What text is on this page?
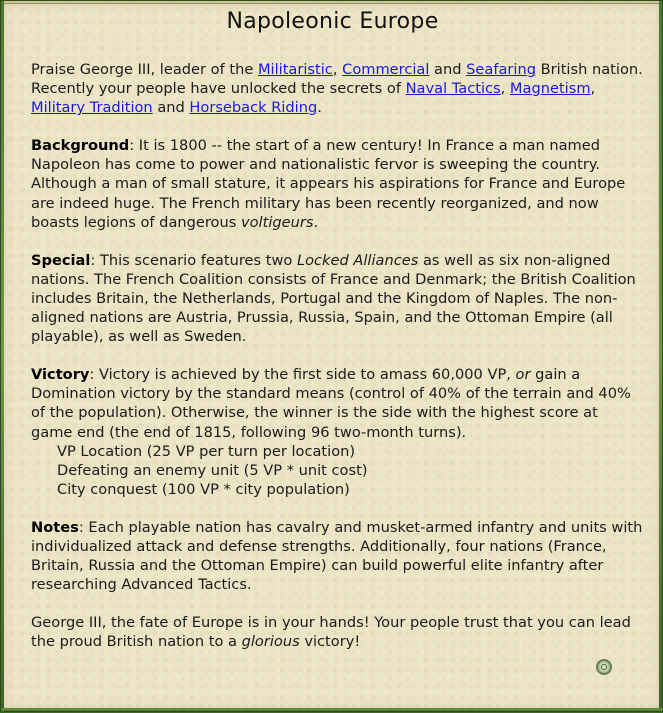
Napoleonic Europe

Praise George III, leader of the Militaristic, Commercial and Seafaring British nation. Recently your people have unlocked the secrets of Naval Tactics, Magnetism, Military Tradition and Horseback Riding.

Background: It is 1800 -- the start of a new century! In France a man named Napoleon has come to power and nationalistic fervor is sweeping the country. Although a man of small stature, it appears his aspirations for France and Europe are indeed huge. The French military has been recently reorganized, and now boasts legions of dangerous voltigeurs.

Special: This scenario features two Locked Alliances as well as six non-aligned nations. The French Coalition consists of France and Denmark; the British Coalition includes Britain, the Netherlands, Portugal and the Kingdom of Naples. The non-aligned nations are Austria, Prussia, Russia, Spain, and the Ottoman Empire (all playable), as well as Sweden.

Victory: Victory is achieved by the first side to amass 60,000 VP, or gain a Domination victory by the standard means (control of 40% of the terrain and 40% of the population). Otherwise, the winner is the side with the highest score at game end (the end of 1815, following 96 two-month turns).
VP Location (25 VP per turn per location)
Defeating an enemy unit (5 VP * unit cost)
City conquest (100 VP * city population)

Notes: Each playable nation has cavalry and musket-armed infantry and units with individualized attack and defense strengths. Additionally, four nations (France, Britain, Russia and the Ottoman Empire) can build powerful elite infantry after researching Advanced Tactics.

George III, the fate of Europe is in your hands! Your people trust that you can lead the proud British nation to a glorious victory!
